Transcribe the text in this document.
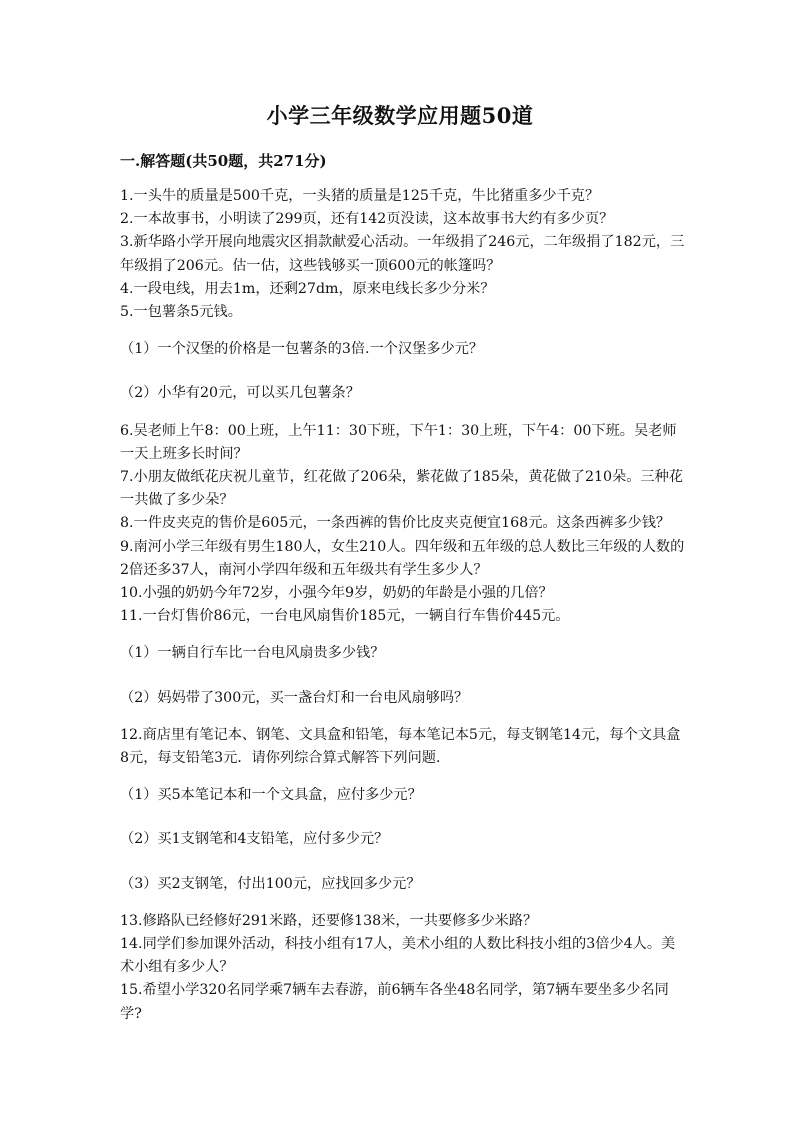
小学三年级数学应用题50道
一.解答题(共50题，共271分)

1.一头牛的质量是500千克，一头猪的质量是125千克，牛比猪重多少千克？

2.一本故事书，小明读了299页，还有142页没读，这本故事书大约有多少页？

3.新华路小学开展向地震灾区捐款献爱心活动。一年级捐了246元，二年级捐了182元，三年级捐了206元。估一估，这些钱够买一顶600元的帐篷吗？

4.一段电线，用去1m，还剩27dm，原来电线长多少分米？

5.一包薯条5元钱。

（1）一个汉堡的价格是一包薯条的3倍.一个汉堡多少元？

（2）小华有20元，可以买几包薯条？

6.吴老师上午8：00上班，上午11：30下班，下午1：30上班，下午4：00下班。吴老师一天上班多长时间？

7.小朋友做纸花庆祝儿童节，红花做了206朵，紫花做了185朵，黄花做了210朵。三种花一共做了多少朵？

8.一件皮夹克的售价是605元，一条西裤的售价比皮夹克便宜168元。这条西裤多少钱？

9.南河小学三年级有男生180人，女生210人。四年级和五年级的总人数比三年级的人数的2倍还多37人，南河小学四年级和五年级共有学生多少人？

10.小强的奶奶今年72岁，小强今年9岁，奶奶的年龄是小强的几倍？

11.一台灯售价86元，一台电风扇售价185元，一辆自行车售价445元。

（1）一辆自行车比一台电风扇贵多少钱？

（2）妈妈带了300元，买一盏台灯和一台电风扇够吗？

12.商店里有笔记本、钢笔、文具盒和铅笔，每本笔记本5元，每支钢笔14元，每个文具盒8元，每支铅笔3元．请你列综合算式解答下列问题．

（1）买5本笔记本和一个文具盒，应付多少元？

（2）买1支钢笔和4支铅笔，应付多少元？

（3）买2支钢笔，付出100元，应找回多少元？

13.修路队已经修好291米路，还要修138米，一共要修多少米路？

14.同学们参加课外活动，科技小组有17人，美术小组的人数比科技小组的3倍少4人。美术小组有多少人？

15.希望小学320名同学乘7辆车去春游，前6辆车各坐48名同学，第7辆车要坐多少名同学?
